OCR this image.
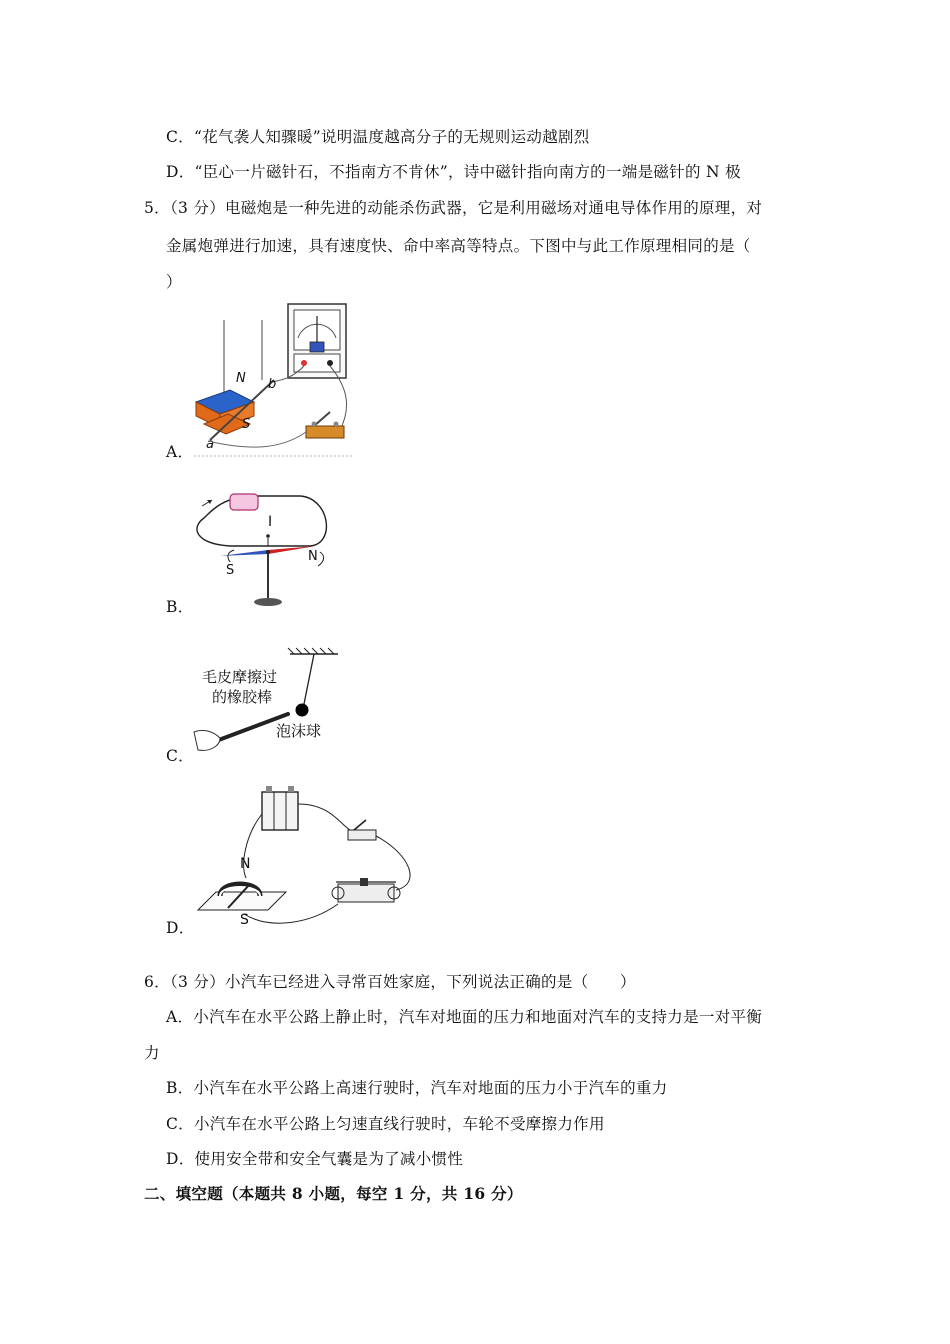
C．“花气袭人知骤暖”说明温度越高分子的无规则运动越剧烈
D．“臣心一片磁针石，不指南方不肯休”，诗中磁针指向南方的一端是磁针的 N 极
5．（3 分）电磁炮是一种先进的动能杀伤武器，它是利用磁场对通电导体作用的原理，对
金属炮弹进行加速，具有速度快、命中率高等特点。下图中与此工作原理相同的是（
）
A．
B．
C．
D．
N
S
a
b
I
N
S
毛皮摩擦过
的橡胶棒
泡沫球
N
S
6．（3 分）小汽车已经进入寻常百姓家庭，下列说法正确的是（　　）
A．小汽车在水平公路上静止时，汽车对地面的压力和地面对汽车的支持力是一对平衡
力
B．小汽车在水平公路上高速行驶时，汽车对地面的压力小于汽车的重力
C．小汽车在水平公路上匀速直线行驶时，车轮不受摩擦力作用
D．使用安全带和安全气囊是为了减小惯性
二、填空题（本题共 8 小题，每空 1 分，共 16 分）
